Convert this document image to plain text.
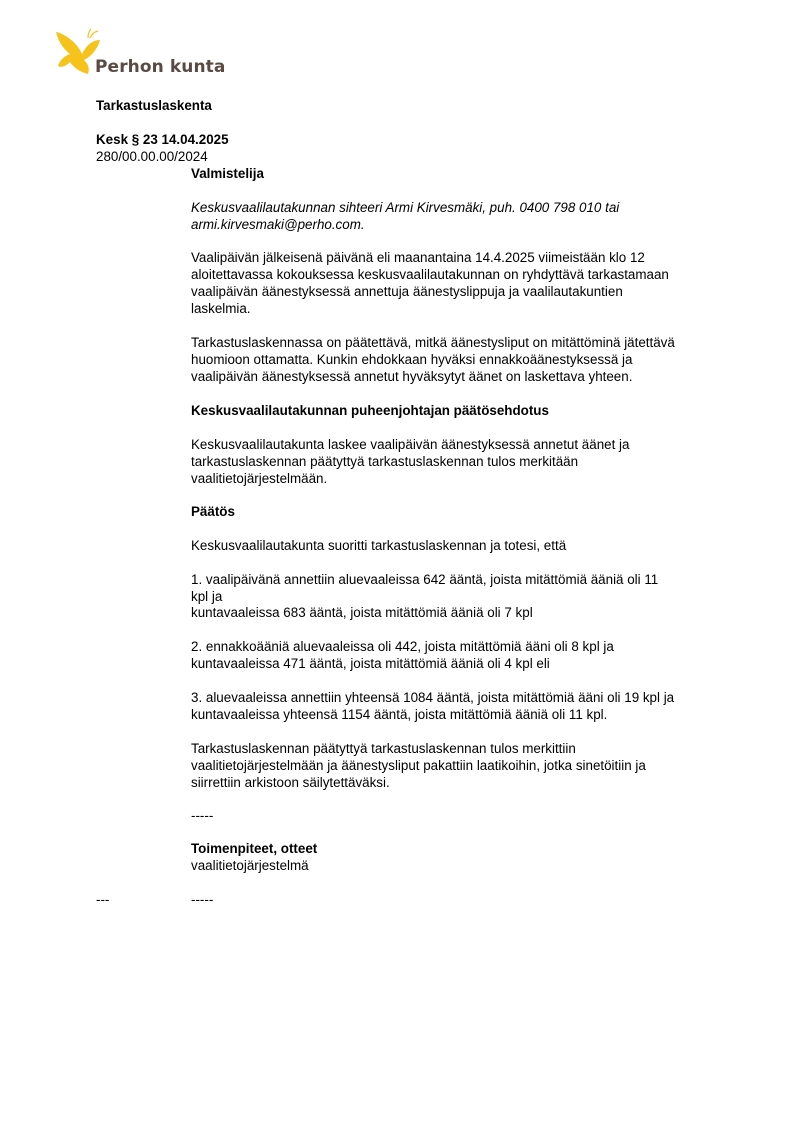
Perhon kunta
Tarkastuslaskenta
Kesk § 23 14.04.2025
280/00.00.00/2024
Valmistelija
Keskusvaalilautakunnan sihteeri Armi Kirvesmäki, puh. 0400 798 010 tai
armi.kirvesmaki@perho.com.
Vaalipäivän jälkeisenä päivänä eli maanantaina 14.4.2025 viimeistään klo 12
aloitettavassa kokouksessa keskusvaalilautakunnan on ryhdyttävä tarkastamaan
vaalipäivän äänestyksessä annettuja äänestyslippuja ja vaalilautakuntien
laskelmia.
Tarkastuslaskennassa on päätettävä, mitkä äänestysliput on mitättöminä jätettävä
huomioon ottamatta. Kunkin ehdokkaan hyväksi ennakkoäänestyksessä ja
vaalipäivän äänestyksessä annetut hyväksytyt äänet on laskettava yhteen.
Keskusvaalilautakunnan puheenjohtajan päätösehdotus
Keskusvaalilautakunta laskee vaalipäivän äänestyksessä annetut äänet ja
tarkastuslaskennan päätyttyä tarkastuslaskennan tulos merkitään
vaalitietojärjestelmään.
Päätös
Keskusvaalilautakunta suoritti tarkastuslaskennan ja totesi, että
1. vaalipäivänä annettiin aluevaaleissa 642 ääntä, joista mitättömiä ääniä oli 11
kpl ja
kuntavaaleissa 683 ääntä, joista mitättömiä ääniä oli 7 kpl
2. ennakkoääniä aluevaaleissa oli 442, joista mitättömiä ääni oli 8 kpl ja
kuntavaaleissa 471 ääntä, joista mitättömiä ääniä oli 4 kpl eli
3. aluevaaleissa annettiin yhteensä 1084 ääntä, joista mitättömiä ääni oli 19 kpl ja
kuntavaaleissa yhteensä 1154 ääntä, joista mitättömiä ääniä oli 11 kpl.
Tarkastuslaskennan päätyttyä tarkastuslaskennan tulos merkittiin
vaalitietojärjestelmään ja äänestysliput pakattiin laatikoihin, jotka sinetöitiin ja
siirrettiin arkistoon säilytettäväksi.
-----
Toimenpiteet, otteet
vaalitietojärjestelmä
---	-----
